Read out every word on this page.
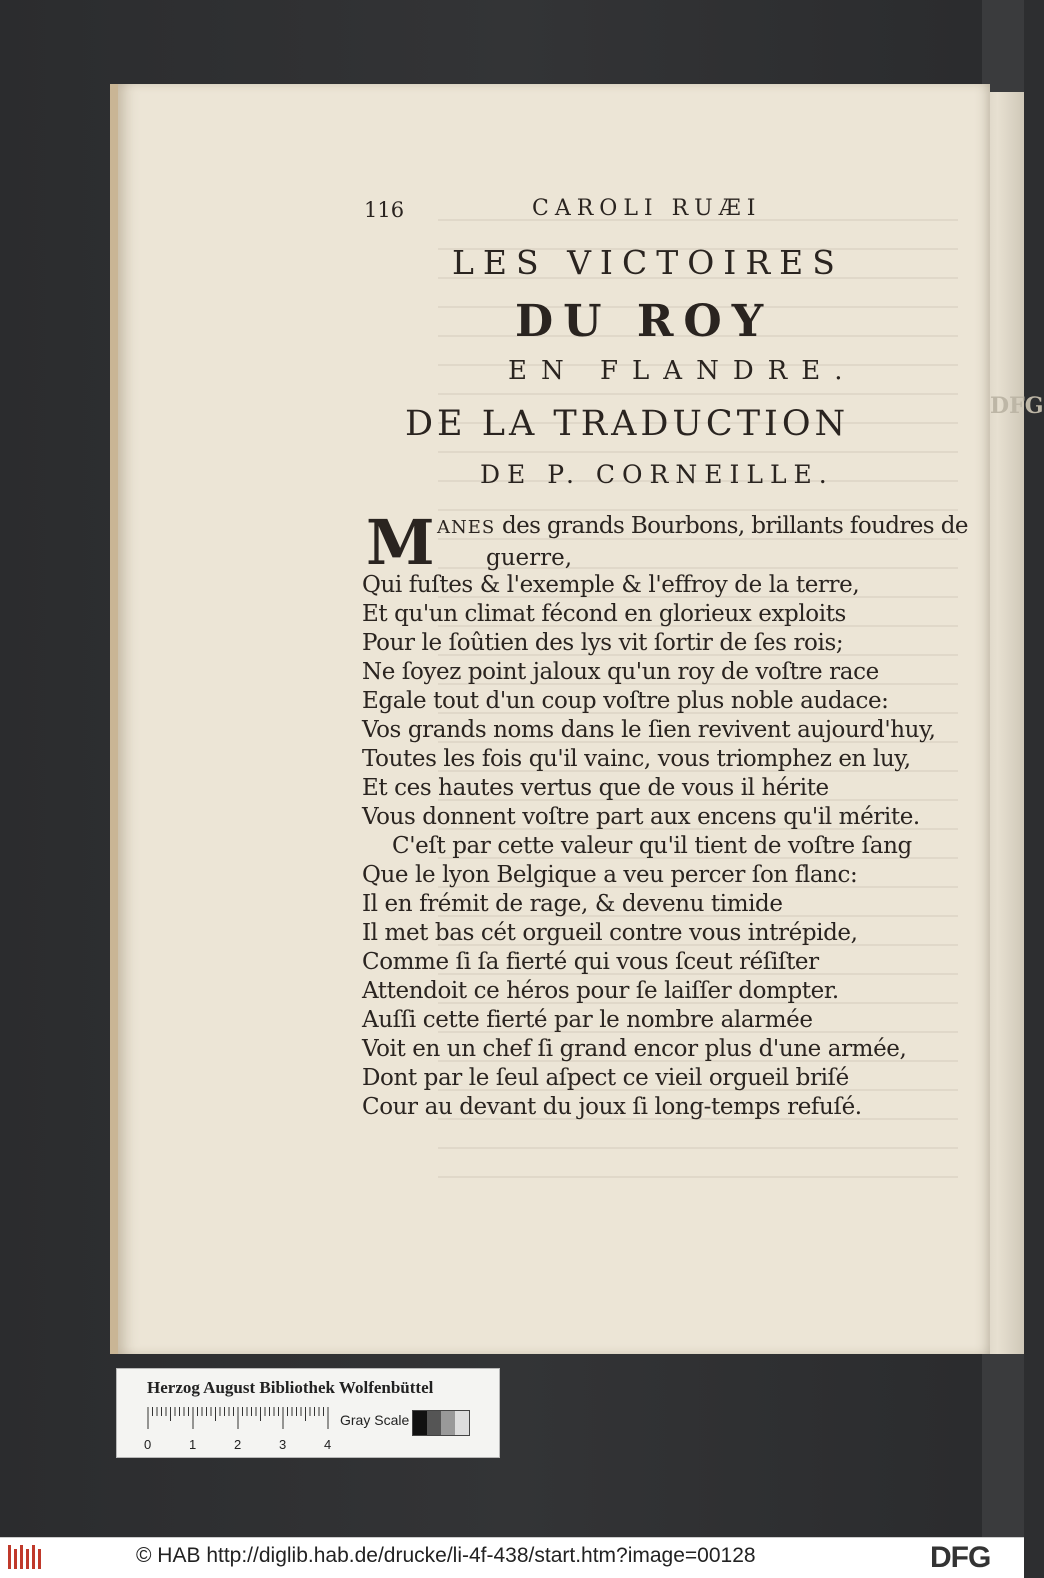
DFG
116	CAROLI RUÆI
LES VICTOIRES
DU ROY
EN FLANDRE.
DE LA TRADUCTION
DE P. CORNEILLE.
M ANES des grands Bourbons, brillants foudres de
guerre,
Qui fuſtes & l'exemple & l'effroy de la terre,
Et qu'un climat fécond en glorieux exploits
Pour le ſoûtien des lys vit ſortir de ſes rois;
Ne ſoyez point jaloux qu'un roy de voſtre race
Egale tout d'un coup voſtre plus noble audace:
Vos grands noms dans le ſien revivent aujourd'huy,
Toutes les fois qu'il vainc, vous triomphez en luy,
Et ces hautes vertus que de vous il hérite
Vous donnent voſtre part aux encens qu'il mérite.
C'eſt par cette valeur qu'il tient de voſtre ſang
Que le lyon Belgique a veu percer ſon flanc:
Il en frémit de rage, & devenu timide
Il met bas cét orgueil contre vous intrépide,
Comme ſi ſa fierté qui vous ſceut réſiſter
Attendoit ce héros pour ſe laiſſer dompter.
Auſſi cette fierté par le nombre alarmée
Voit en un chef ſi grand encor plus d'une armée,
Dont par le ſeul aſpect ce vieil orgueil briſé
Cour au devant du joux ſi long-temps refuſé.
Herzog August Bibliothek Wolfenbüttel
0	1	2	3	4
Gray Scale
© HAB http://diglib.hab.de/drucke/li-4f-438/start.htm?image=00128	DFG
